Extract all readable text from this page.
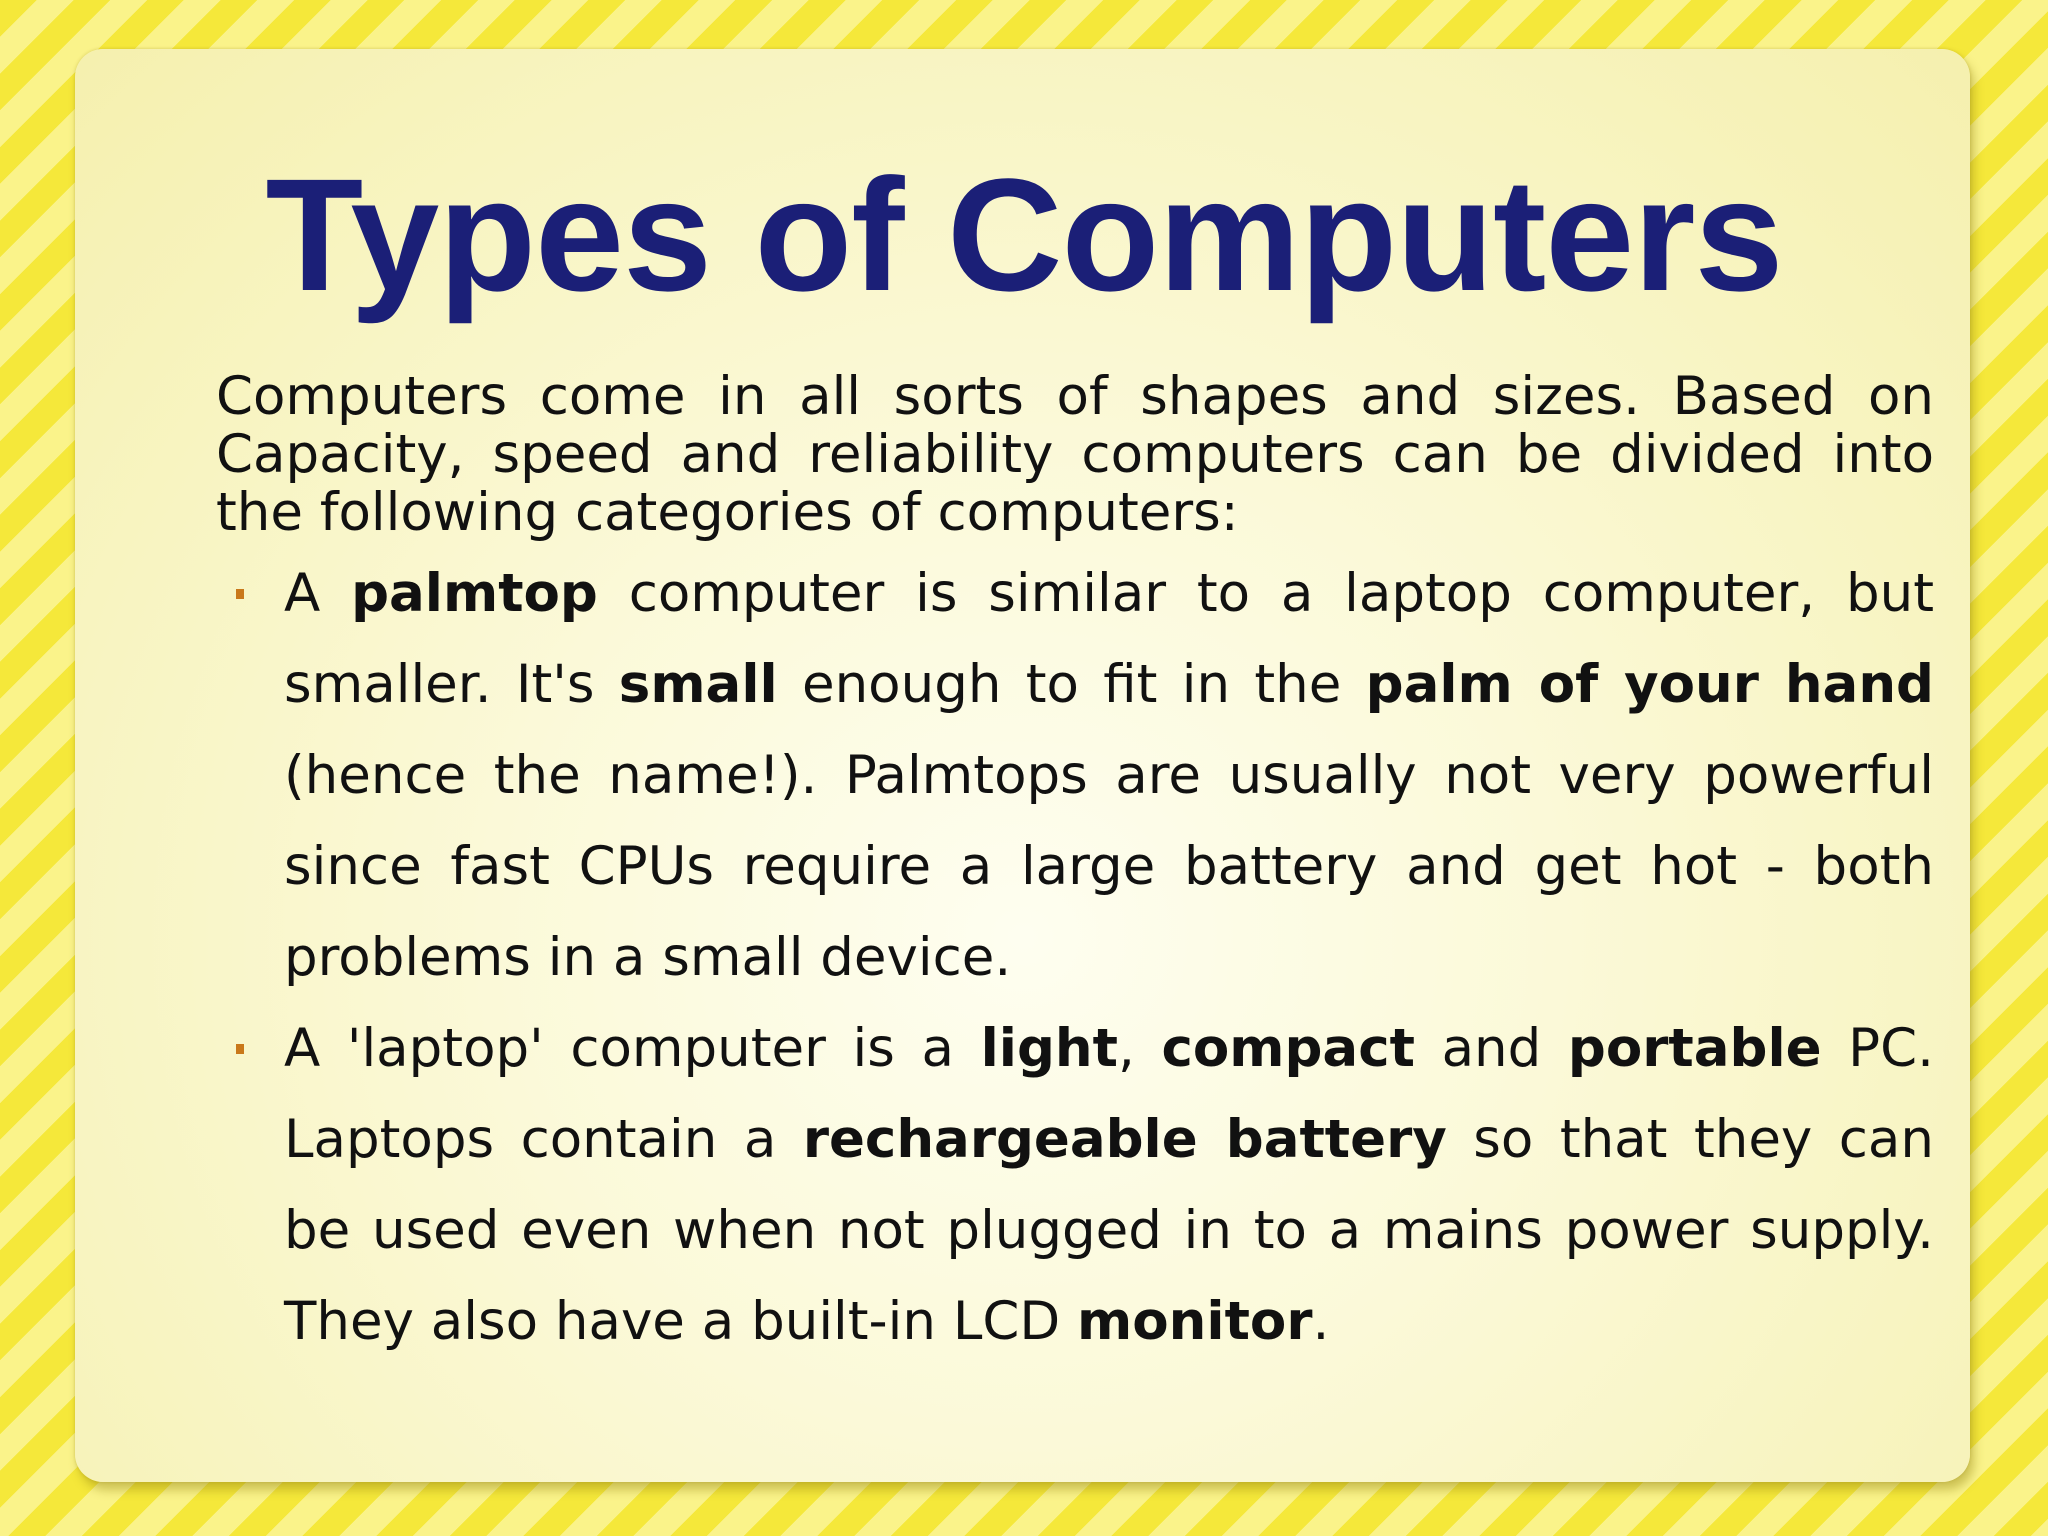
Types of Computers

Computers come in all sorts of shapes and sizes. Based on Capacity, speed and reliability computers can be divided into the following categories of computers:

A palmtop computer is similar to a laptop computer, but smaller. It's small enough to fit in the palm of your hand (hence the name!). Palmtops are usually not very powerful since fast CPUs require a large battery and get hot - both problems in a small device.
A 'laptop' computer is a light, compact and portable PC. Laptops contain a rechargeable battery so that they can be used even when not plugged in to a mains power supply. They also have a built-in LCD monitor.
